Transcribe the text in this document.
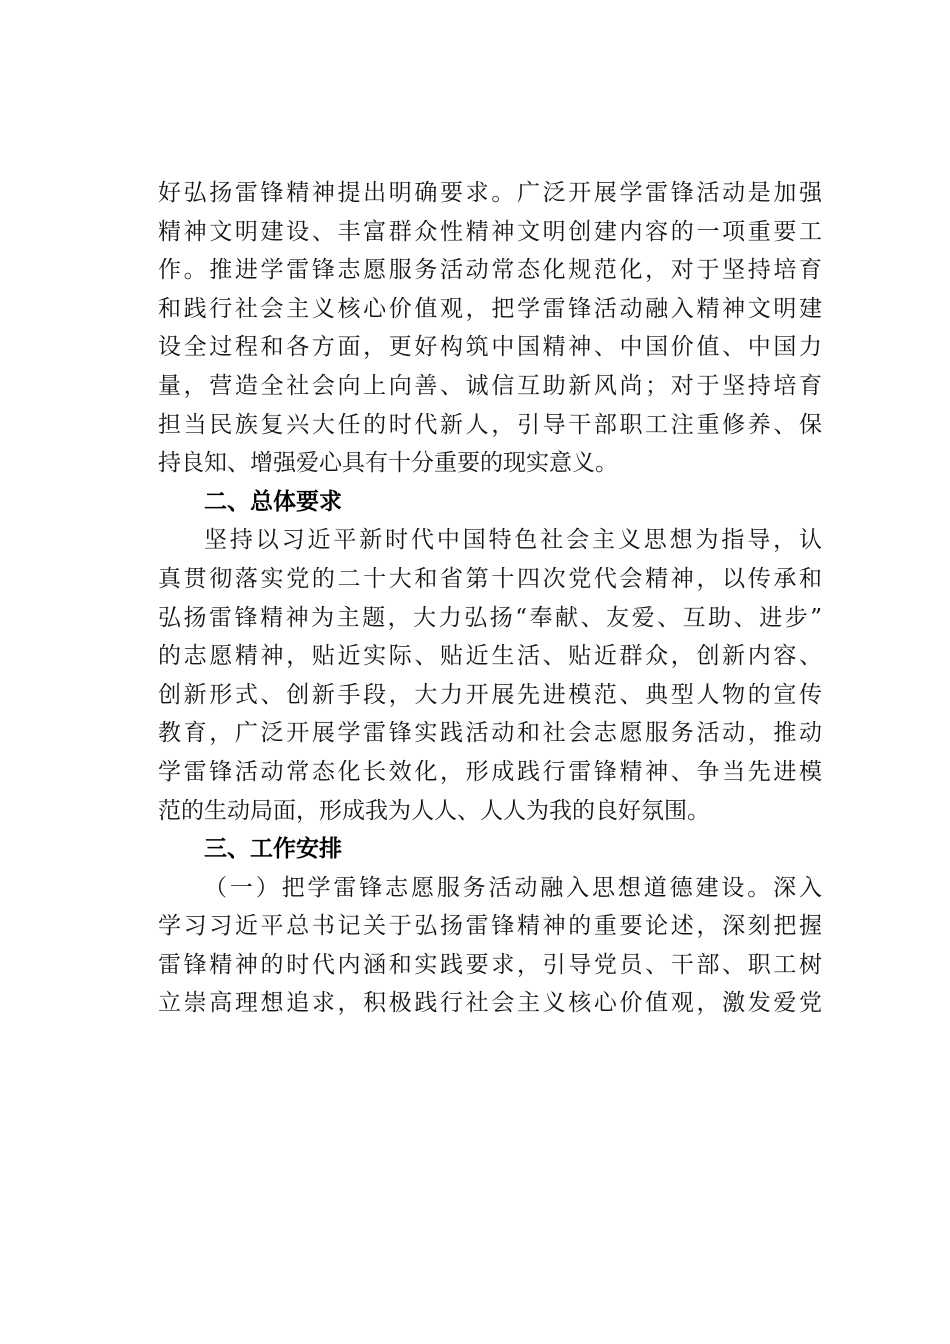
好弘扬雷锋精神提出明确要求。广泛开展学雷锋活动是加强
精神文明建设、丰富群众性精神文明创建内容的一项重要工
作。推进学雷锋志愿服务活动常态化规范化，对于坚持培育
和践行社会主义核心价值观，把学雷锋活动融入精神文明建
设全过程和各方面，更好构筑中国精神、中国价值、中国力
量，营造全社会向上向善、诚信互助新风尚；对于坚持培育
担当民族复兴大任的时代新人，引导干部职工注重修养、保
持良知、增强爱心具有十分重要的现实意义。
二、总体要求
坚持以习近平新时代中国特色社会主义思想为指导，认
真贯彻落实党的二十大和省第十四次党代会精神，以传承和
弘扬雷锋精神为主题，大力弘扬“奉献、友爱、互助、进步”
的志愿精神，贴近实际、贴近生活、贴近群众，创新内容、
创新形式、创新手段，大力开展先进模范、典型人物的宣传
教育，广泛开展学雷锋实践活动和社会志愿服务活动，推动
学雷锋活动常态化长效化，形成践行雷锋精神、争当先进模
范的生动局面，形成我为人人、人人为我的良好氛围。
三、工作安排
（一）把学雷锋志愿服务活动融入思想道德建设。深入
学习习近平总书记关于弘扬雷锋精神的重要论述，深刻把握
雷锋精神的时代内涵和实践要求，引导党员、干部、职工树
立崇高理想追求，积极践行社会主义核心价值观，激发爱党
